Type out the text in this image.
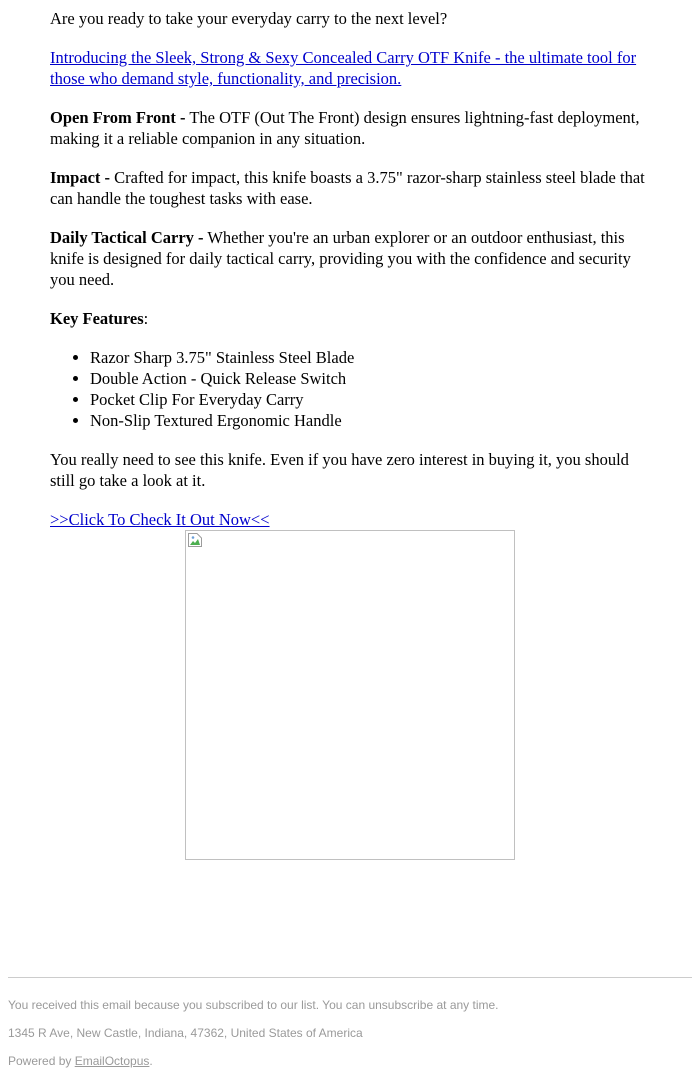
Are you ready to take your everyday carry to the next level?

Introducing the Sleek, Strong & Sexy Concealed Carry OTF Knife - the ultimate tool for those who demand style, functionality, and precision.

Open From Front - The OTF (Out The Front) design ensures lightning-fast deployment, making it a reliable companion in any situation.

Impact - Crafted for impact, this knife boasts a 3.75" razor-sharp stainless steel blade that can handle the toughest tasks with ease.

Daily Tactical Carry - Whether you're an urban explorer or an outdoor enthusiast, this knife is designed for daily tactical carry, providing you with the confidence and security you need.

Key Features:

• Razor Sharp 3.75" Stainless Steel Blade
• Double Action - Quick Release Switch
• Pocket Clip For Everyday Carry
• Non-Slip Textured Ergonomic Handle

You really need to see this knife. Even if you have zero interest in buying it, you should still go take a look at it.

>>Click To Check It Out Now<<

You received this email because you subscribed to our list. You can unsubscribe at any time.

1345 R Ave, New Castle, Indiana, 47362, United States of America

Powered by EmailOctopus.
